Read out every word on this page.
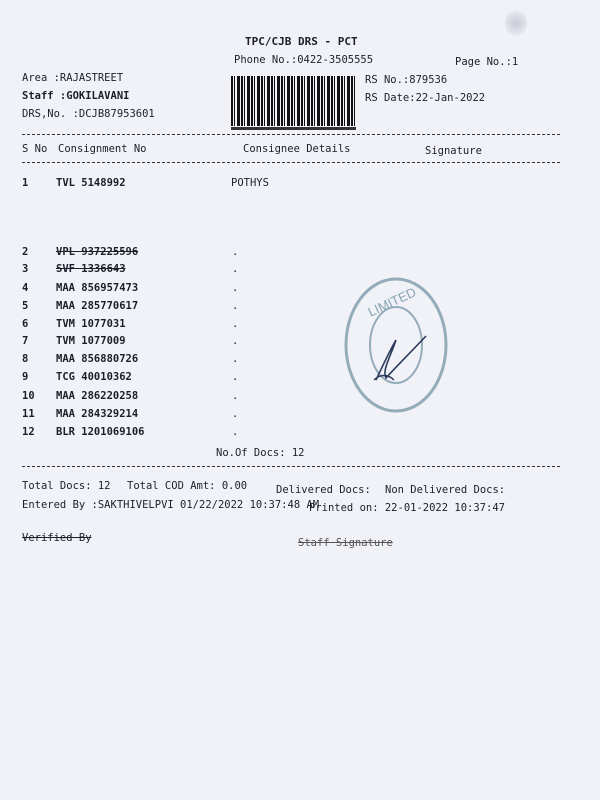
TPC/CJB DRS - PCT
Phone No.:0422-3505555	Page No.:1
Area :RAJASTREET
Staff :GOKILAVANI
DRS,No. :DCJB87953601
RS No.:879536
RS Date:22-Jan-2022
S No Consignment No	Consignee Details	Signature
1	TVL 5148992	POTHYS
2	VPL 937225596	.
3	SVF 1336643	.
4	MAA 856957473	.
5	MAA 285770617	.
6	TVM 1077031	.
7	TVM 1077009	.
8	MAA 856880726	.
9	TCG 40010362	.
10	MAA 286220258	.
11	MAA 284329214	.
12	BLR 1201069106	.
No.Of Docs: 12
LIMITED
Total Docs: 12 Total COD Amt: 0.00	Delivered Docs: Non Delivered Docs:
Entered By :SAKTHIVELPVI 01/22/2022 10:37:48 AM
Printed on: 22-01-2022 10:37:47
Verified By	Staff Signature
